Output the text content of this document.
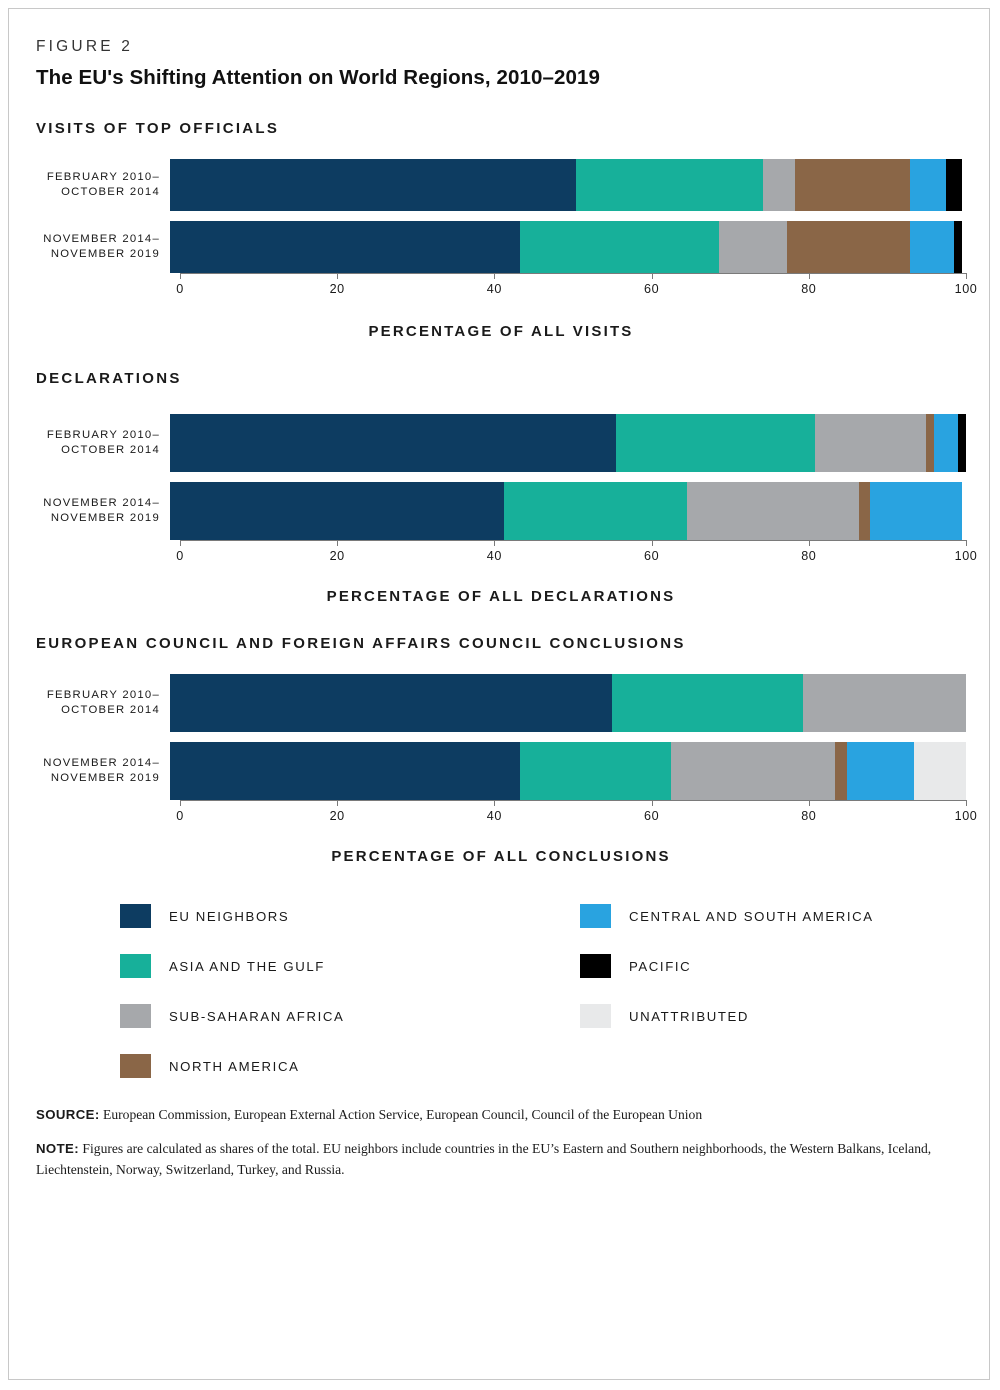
FIGURE 2
The EU's Shifting Attention on World Regions, 2010–2019
VISITS OF TOP OFFICIALS
FEBRUARY 2010–
OCTOBER 2014
NOVEMBER 2014–
NOVEMBER 2019
0	20	40	60	80	100
PERCENTAGE OF ALL VISITS
DECLARATIONS
FEBRUARY 2010–
OCTOBER 2014
NOVEMBER 2014–
NOVEMBER 2019
0	20	40	60	80	100
PERCENTAGE OF ALL DECLARATIONS
EUROPEAN COUNCIL AND FOREIGN AFFAIRS COUNCIL CONCLUSIONS
FEBRUARY 2010–
OCTOBER 2014
NOVEMBER 2014–
NOVEMBER 2019
0	20	40	60	80	100
PERCENTAGE OF ALL CONCLUSIONS
EU NEIGHBORS
ASIA AND THE GULF
SUB-SAHARAN AFRICA
NORTH AMERICA
CENTRAL AND SOUTH AMERICA
PACIFIC
UNATTRIBUTED
SOURCE: European Commission, European External Action Service, European Council, Council of the European Union
NOTE: Figures are calculated as shares of the total. EU neighbors include countries in the EU’s Eastern and Southern neighborhoods, the Western Balkans, Iceland, Liechtenstein, Norway, Switzerland, Turkey, and Russia.
